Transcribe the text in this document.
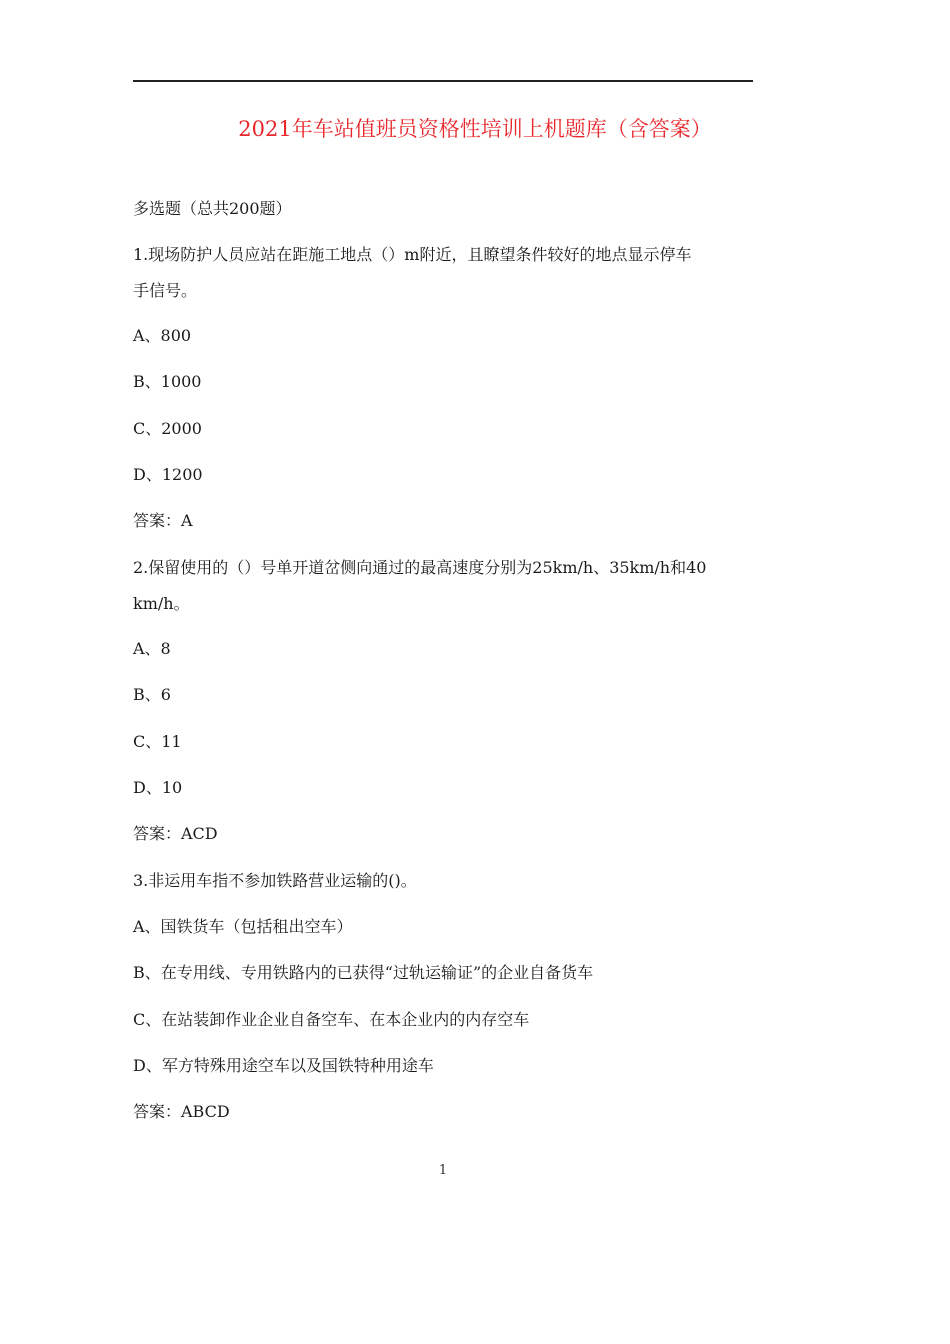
2021年车站值班员资格性培训上机题库（含答案）
多选题（总共200题）
1.现场防护人员应站在距施工地点（）m附近，且瞭望条件较好的地点显示停车
手信号。
A、800
B、1000
C、2000
D、1200
答案：A
2.保留使用的（）号单开道岔侧向通过的最高速度分别为25km/h、35km/h和40
km/h。
A、8
B、6
C、11
D、10
答案：ACD
3.非运用车指不参加铁路营业运输的()。
A、国铁货车（包括租出空车）
B、在专用线、专用铁路内的已获得“过轨运输证”的企业自备货车
C、在站装卸作业企业自备空车、在本企业内的内存空车
D、军方特殊用途空车以及国铁特种用途车
答案：ABCD
1
